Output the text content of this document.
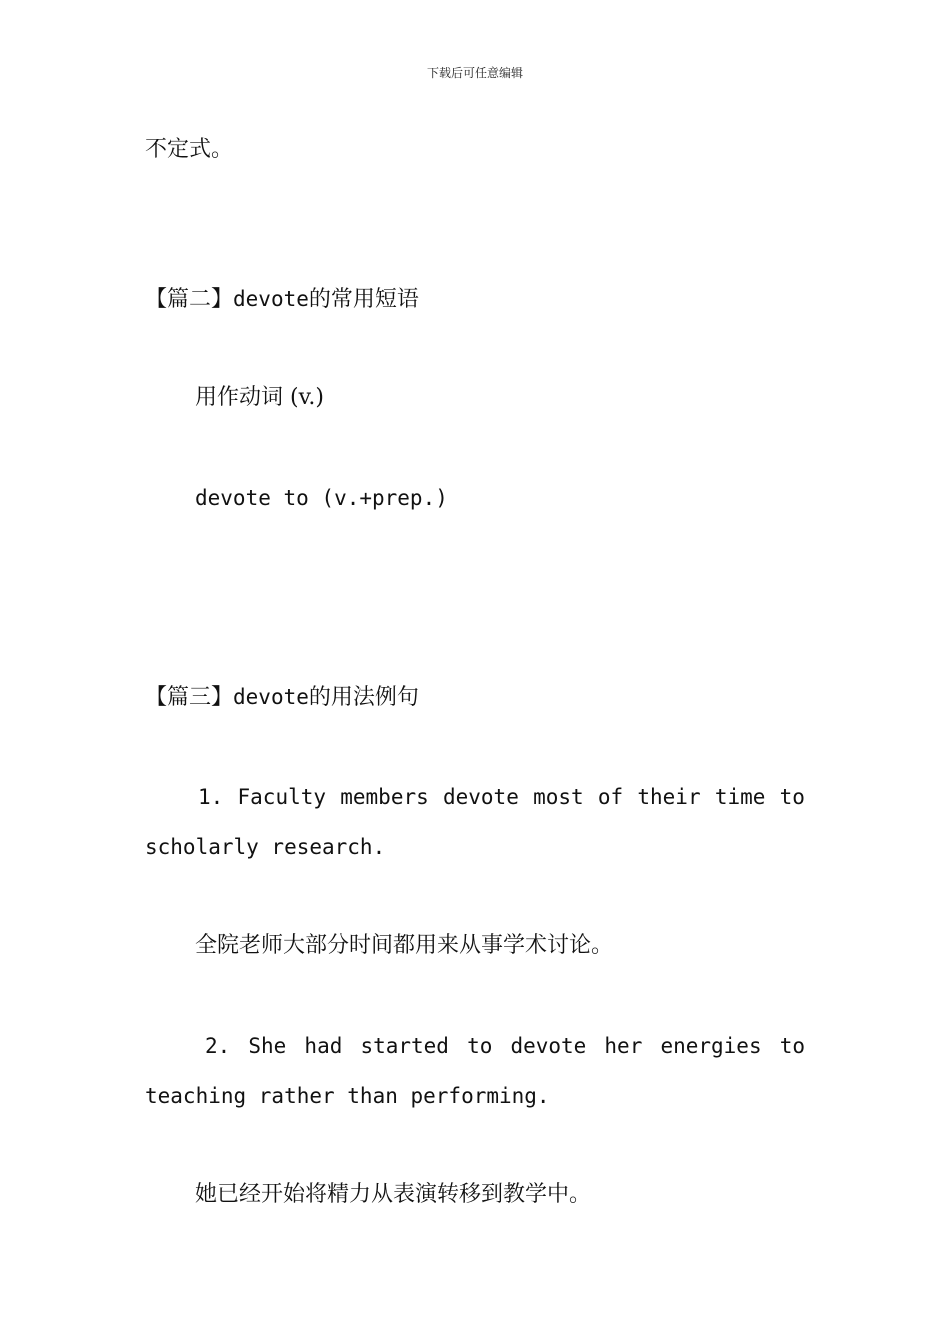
下载后可任意编辑
不定式。
【篇二】devote的常用短语
用作动词 (v.)
devote to (v.+prep.)
【篇三】devote的用法例句
1. Faculty members devote most of their time to
scholarly research.
全院老师大部分时间都用来从事学术讨论。
2. She had started to devote her energies to
teaching rather than performing.
她已经开始将精力从表演转移到教学中。
